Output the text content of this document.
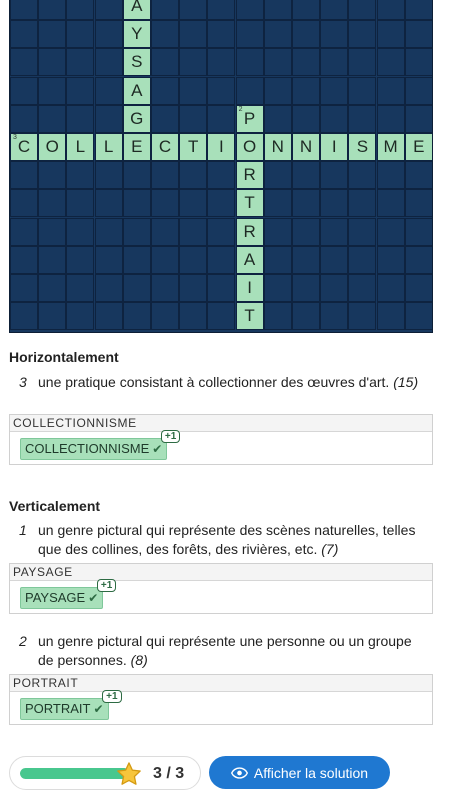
A
Y
S
A
G	P
2
C
3 O L L E C T I O N N I S M E
R
T
R
A
I
T
Horizontalement
3 une pratique consistant à collectionner des œuvres d'art. (15)
COLLECTIONNISME
COLLECTIONNISME ✔
+1
Verticalement
1 un genre pictural qui représente des scènes naturelles, telles que des collines, des forêts, des rivières, etc. (7)
PAYSAGE
PAYSAGE ✔
+1
2 un genre pictural qui représente une personne ou un groupe de personnes. (8)
PORTRAIT
PORTRAIT ✔
+1
3 / 3	Afficher la solution
